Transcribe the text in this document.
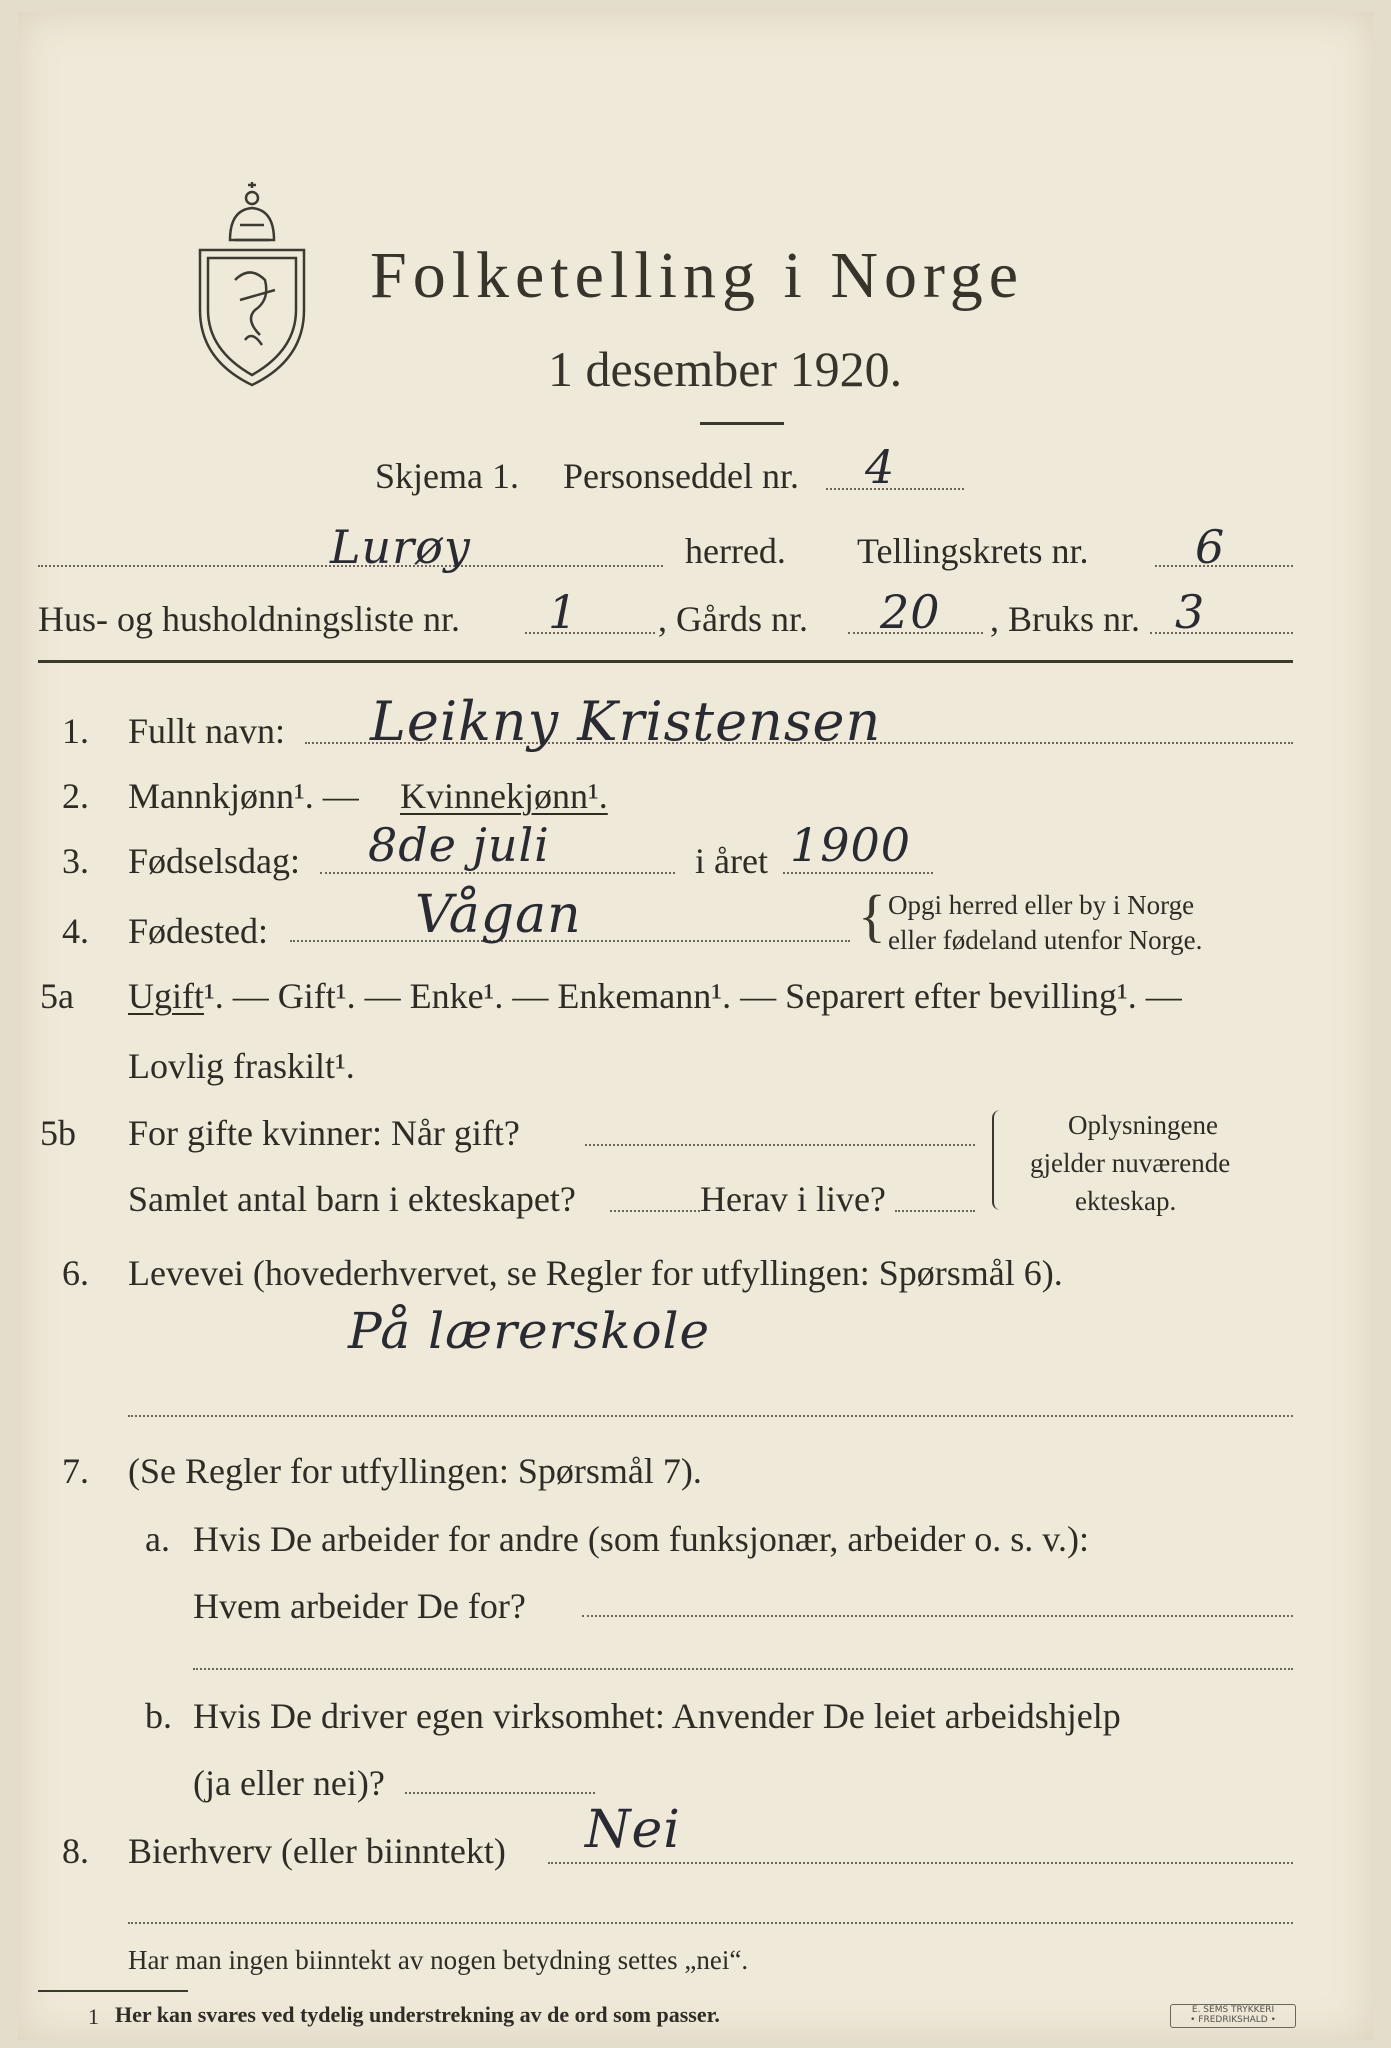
Folketelling i Norge
1 desember 1920.
Skjema 1. Personseddel nr. 4
Lurøy	herred. Tellingskrets nr. 6
Hus- og husholdningsliste nr. 1 , Gårds nr. 20 , Bruks nr. 3
1. Fullt navn: Leikny Kristensen
2. Mannkjønn¹. — Kvinnekjønn¹.
3. Fødselsdag: 8de juli	i året 1900
4. Fødested:	Vågan	{ Opgi herred eller by i Norge
eller fødeland utenfor Norge.
5a Ugift¹. — Gift¹. — Enke¹. — Enkemann¹. — Separert efter bevilling¹. —
Lovlig fraskilt¹.
5b For gifte kvinner: Når gift?
Samlet antal barn i ekteskapet?	Herav i live?
Oplysningene
gjelder nuværende
ekteskap.
6. Levevei (hovederhvervet, se Regler for utfyllingen: Spørsmål 6).
På lærerskole
7. (Se Regler for utfyllingen: Spørsmål 7).
a. Hvis De arbeider for andre (som funksjonær, arbeider o. s. v.):
Hvem arbeider De for?
b. Hvis De driver egen virksomhet: Anvender De leiet arbeidshjelp
(ja eller nei)?
8. Bierhverv (eller biinntekt) Nei
Har man ingen biinntekt av nogen betydning settes „nei“.
1 Her kan svares ved tydelig understrekning av de ord som passer.	E. SEMS TRYKKERI
• FREDRIKSHALD •
